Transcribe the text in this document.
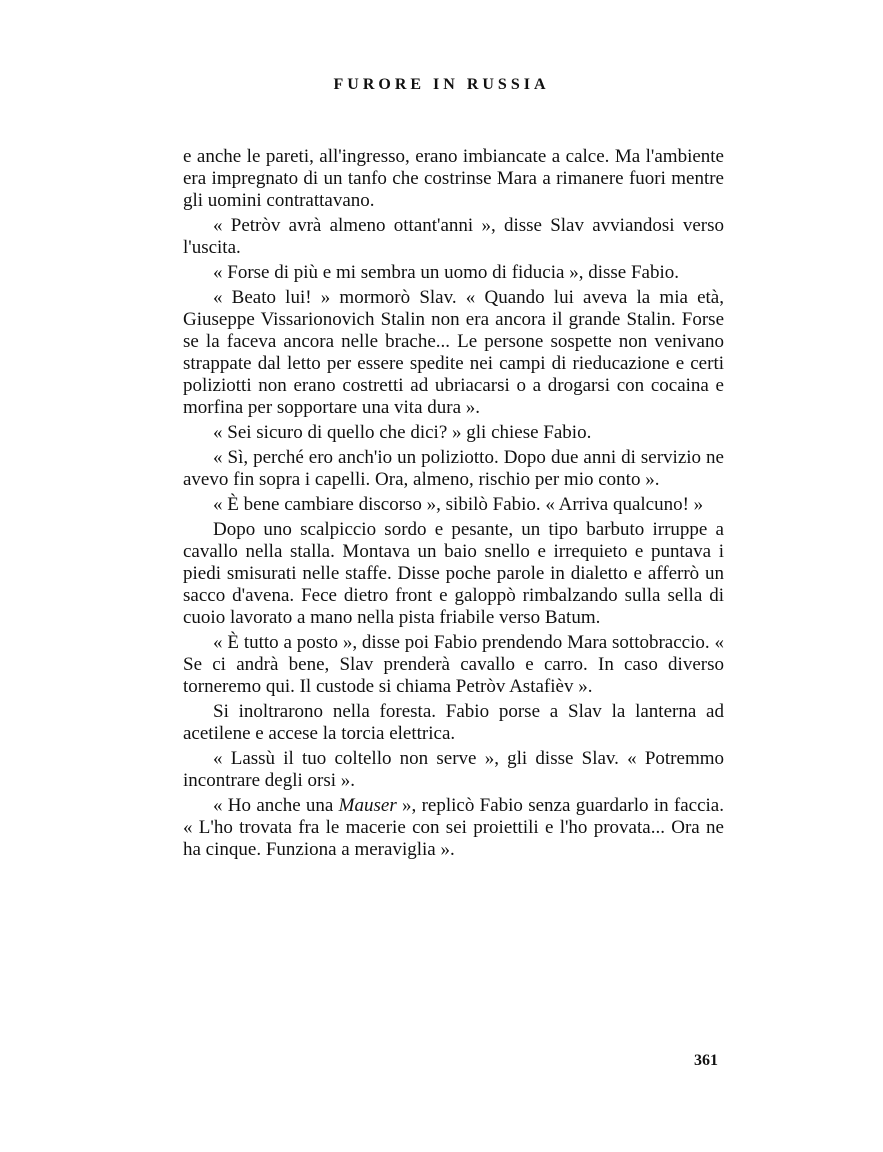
FURORE IN RUSSIA

e anche le pareti, all'ingresso, erano imbiancate a calce. Ma l'ambiente era impregnato di un tanfo che costrinse Mara a rimanere fuori mentre gli uomini contrattavano.

« Petròv avrà almeno ottant'anni », disse Slav avviandosi verso l'uscita.

« Forse di più e mi sembra un uomo di fiducia », disse Fabio.

« Beato lui! » mormorò Slav. « Quando lui aveva la mia età, Giuseppe Vissarionovich Stalin non era ancora il grande Stalin. Forse se la faceva ancora nelle brache... Le persone sospette non venivano strappate dal letto per essere spedite nei campi di rieducazione e certi poliziotti non erano costretti ad ubriacarsi o a drogarsi con cocaina e morfina per sopportare una vita dura ».

« Sei sicuro di quello che dici? » gli chiese Fabio.

« Sì, perché ero anch'io un poliziotto. Dopo due anni di servizio ne avevo fin sopra i capelli. Ora, almeno, rischio per mio conto ».

« È bene cambiare discorso », sibilò Fabio. « Arriva qualcuno! »

Dopo uno scalpiccio sordo e pesante, un tipo barbuto irruppe a cavallo nella stalla. Montava un baio snello e irrequieto e puntava i piedi smisurati nelle staffe. Disse poche parole in dialetto e afferrò un sacco d'avena. Fece dietro front e galoppò rimbalzando sulla sella di cuoio lavorato a mano nella pista friabile verso Batum.

« È tutto a posto », disse poi Fabio prendendo Mara sottobraccio. « Se ci andrà bene, Slav prenderà cavallo e carro. In caso diverso torneremo qui. Il custode si chiama Petròv Astafièv ».

Si inoltrarono nella foresta. Fabio porse a Slav la lanterna ad acetilene e accese la torcia elettrica.

« Lassù il tuo coltello non serve », gli disse Slav. « Potremmo incontrare degli orsi ».

« Ho anche una Mauser », replicò Fabio senza guardarlo in faccia. « L'ho trovata fra le macerie con sei proiettili e l'ho provata... Ora ne ha cinque. Funziona a meraviglia ».

361
